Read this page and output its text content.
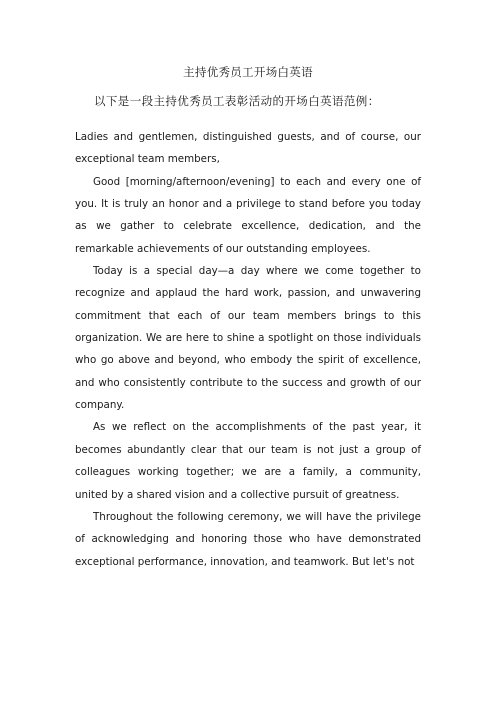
主持优秀员工开场白英语
以下是一段主持优秀员工表彰活动的开场白英语范例：

Ladies and gentlemen, distinguished guests, and of course, our exceptional team members,

Good [morning/afternoon/evening] to each and every one of you. It is truly an honor and a privilege to stand before you today as we gather to celebrate excellence, dedication, and the remarkable achievements of our outstanding employees.

Today is a special day—a day where we come together to recognize and applaud the hard work, passion, and unwavering commitment that each of our team members brings to this organization. We are here to shine a spotlight on those individuals who go above and beyond, who embody the spirit of excellence, and who consistently contribute to the success and growth of our company.

As we reflect on the accomplishments of the past year, it becomes abundantly clear that our team is not just a group of colleagues working together; we are a family, a community, united by a shared vision and a collective pursuit of greatness.

Throughout the following ceremony, we will have the privilege of acknowledging and honoring those who have demonstrated exceptional performance, innovation, and teamwork. But let's not
